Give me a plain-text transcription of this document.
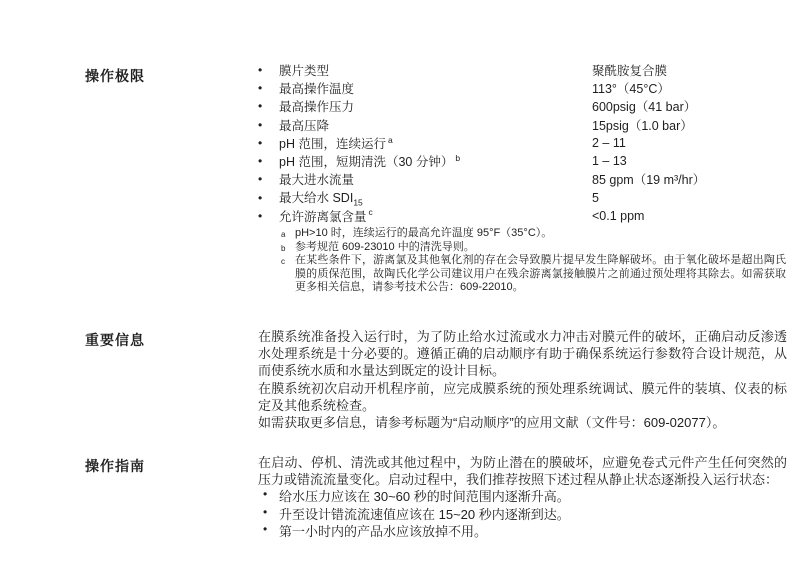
操作极限	•	膜片类型	聚酰胺复合膜
•	最高操作温度	113°（45°C）
•	最高操作压力	600psig（41 bar）
•	最高压降	15psig（1.0 bar）
•	pH 范围，连续运行 $^a$	2 – 11
•	pH 范围，短期清洗（30 分钟） $^b$	1 – 13
•	最大进水流量	85 gpm（19 m³/hr）
•	最大给水 $SDI_{15}$	5
•	允许游离氯含量 $^c$	<0.1 ppm
a pH>10 时，连续运行的最高允许温度 95°F（35°C）。
b 参考规范 609-23010 中的清洗导则。
c 在某些条件下，游离氯及其他氧化剂的存在会导致膜片提早发生降解破坏。由于氧化破坏是超出陶氏膜的质保范围，故陶氏化学公司建议用户在残余游离氯接触膜片之前通过预处理将其除去。如需获取更多相关信息，请参考技术公告：609-22010。
重要信息	在膜系统准备投入运行时，为了防止给水过流或水力冲击对膜元件的破坏，正确启动反渗透水处理系统是十分必要的。遵循正确的启动顺序有助于确保系统运行参数符合设计规范，从而使系统水质和水量达到既定的设计目标。

在膜系统初次启动开机程序前，应完成膜系统的预处理系统调试、膜元件的装填、仪表的标定及其他系统检查。

如需获取更多信息，请参考标题为“启动顺序”的应用文献（文件号：609-02077）。

操作指南	在启动、停机、清洗或其他过程中，为防止潜在的膜破坏，应避免卷式元件产生任何突然的压力或错流流量变化。启动过程中，我们推荐按照下述过程从静止状态逐渐投入运行状态：

• 给水压力应该在 30~60 秒的时间范围内逐渐升高。
• 升至设计错流流速值应该在 15~20 秒内逐渐到达。
• 第一小时内的产品水应该放掉不用。
